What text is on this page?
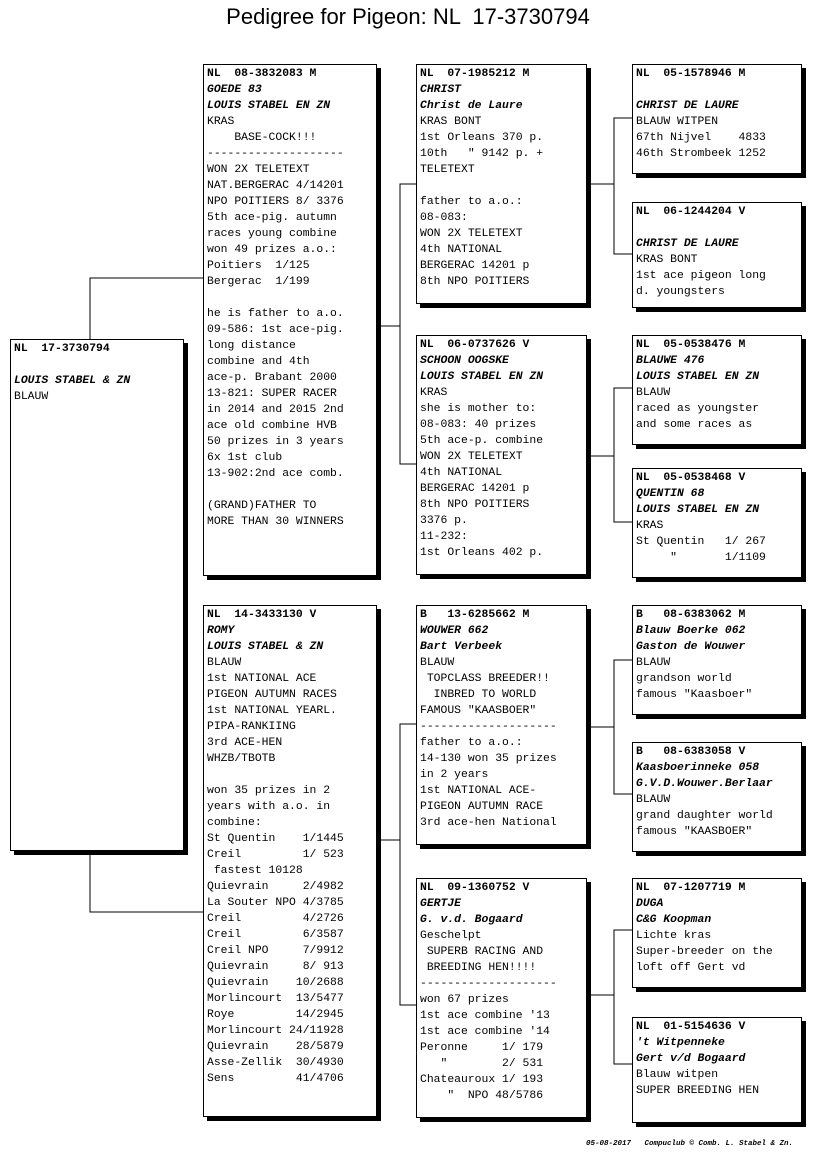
Pedigree for Pigeon: NL  17-3730794
NL  17-3730794
LOUIS STABEL & ZN
BLAUW
NL  08-3832083 M
GOEDE 83
LOUIS STABEL EN ZN
KRAS
BASE-COCK!!!
--------------------
WON 2X TELETEXT
NAT.BERGERAC 4/14201
NPO POITIERS 8/ 3376
5th ace-pig. autumn
races young combine
won 49 prizes a.o.:
Poitiers  1/125
Bergerac  1/199
he is father to a.o.
09-586: 1st ace-pig.
long distance
combine and 4th
ace-p. Brabant 2000
13-821: SUPER RACER
in 2014 and 2015 2nd
ace old combine HVB
50 prizes in 3 years
6x 1st club
13-902:2nd ace comb.
(GRAND)FATHER TO
MORE THAN 30 WINNERS
NL  14-3433130 V
ROMY
LOUIS STABEL & ZN
BLAUW
1st NATIONAL ACE
PIGEON AUTUMN RACES
1st NATIONAL YEARL.
PIPA-RANKIING
3rd ACE-HEN
WHZB/TBOTB
won 35 prizes in 2
years with a.o. in
combine:
St Quentin    1/1445
Creil         1/ 523
fastest 10128
Quievrain     2/4982
La Souter NPO 4/3785
Creil         4/2726
Creil         6/3587
Creil NPO     7/9912
Quievrain     8/ 913
Quievrain    10/2688
Morlincourt  13/5477
Roye         14/2945
Morlincourt 24/11928
Quievrain    28/5879
Asse-Zellik  30/4930
Sens         41/4706
NL  07-1985212 M
CHRIST
Christ de Laure
KRAS BONT
1st Orleans 370 p.
10th   " 9142 p. +
TELETEXT
father to a.o.:
08-083:
WON 2X TELETEXT
4th NATIONAL
BERGERAC 14201 p
8th NPO POITIERS
NL  06-0737626 V
SCHOON OOGSKE
LOUIS STABEL EN ZN
KRAS
she is mother to:
08-083: 40 prizes
5th ace-p. combine
WON 2X TELETEXT
4th NATIONAL
BERGERAC 14201 p
8th NPO POITIERS
3376 p.
11-232:
1st Orleans 402 p.
B   13-6285662 M
WOUWER 662
Bart Verbeek
BLAUW
TOPCLASS BREEDER!!
INBRED TO WORLD
FAMOUS "KAASBOER"
--------------------
father to a.o.:
14-130 won 35 prizes
in 2 years
1st NATIONAL ACE-
PIGEON AUTUMN RACE
3rd ace-hen National
NL  09-1360752 V
GERTJE
G. v.d. Bogaard
Geschelpt
SUPERB RACING AND
BREEDING HEN!!!!
--------------------
won 67 prizes
1st ace combine '13
1st ace combine '14
Peronne     1/ 179
"        2/ 531
Chateauroux 1/ 193
"  NPO 48/5786
NL  05-1578946 M
CHRIST DE LAURE
BLAUW WITPEN
67th Nijvel    4833
46th Strombeek 1252
NL  06-1244204 V
CHRIST DE LAURE
KRAS BONT
1st ace pigeon long
d. youngsters
NL  05-0538476 M
BLAUWE 476
LOUIS STABEL EN ZN
BLAUW
raced as youngster
and some races as
NL  05-0538468 V
QUENTIN 68
LOUIS STABEL EN ZN
KRAS
St Quentin   1/ 267
"       1/1109
B   08-6383062 M
Blauw Boerke 062
Gaston de Wouwer
BLAUW
grandson world
famous "Kaasboer"
B   08-6383058 V
Kaasboerinneke 058
G.V.D.Wouwer.Berlaar
BLAUW
grand daughter world
famous "KAASBOER"
NL  07-1207719 M
DUGA
C&G Koopman
Lichte kras
Super-breeder on the
loft off Gert vd
NL  01-5154636 V
't Witpenneke
Gert v/d Bogaard
Blauw witpen
SUPER BREEDING HEN
05-08-2017   Compuclub © Comb. L. Stabel & Zn.
